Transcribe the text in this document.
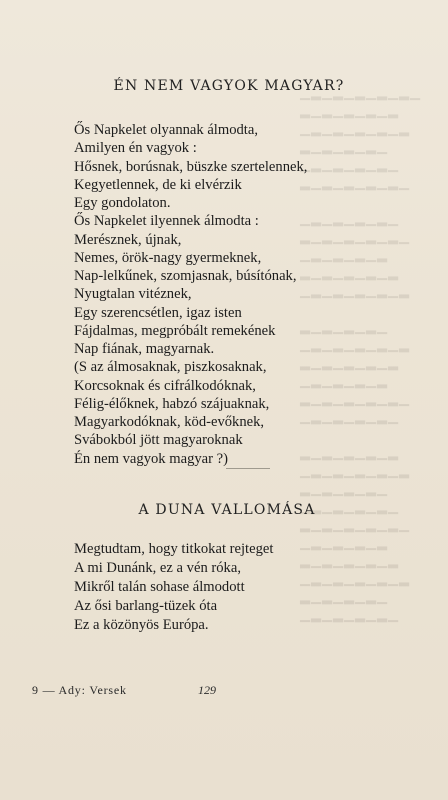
▁▂▁▂▁▂▁▂▁▂▁
▂▁▂▁▂▁▂▁▂
▁▂▁▂▁▂▁▂▁▂
▂▁▂▁▂▁▂▁
▁▂▁▂▁▂▁▂▁
▂▁▂▁▂▁▂▁▂▁

▁▂▁▂▁▂▁▂▁
▂▁▂▁▂▁▂▁▂▁
▁▂▁▂▁▂▁▂
▂▁▂▁▂▁▂▁▂
▁▂▁▂▁▂▁▂▁▂

▂▁▂▁▂▁▂▁
▁▂▁▂▁▂▁▂▁▂
▂▁▂▁▂▁▂▁▂
▁▂▁▂▁▂▁▂
▂▁▂▁▂▁▂▁▂▁
▁▂▁▂▁▂▁▂▁

▂▁▂▁▂▁▂▁▂
▁▂▁▂▁▂▁▂▁▂
▂▁▂▁▂▁▂▁
▁▂▁▂▁▂▁▂▁
▂▁▂▁▂▁▂▁▂▁
▁▂▁▂▁▂▁▂
▂▁▂▁▂▁▂▁▂
▁▂▁▂▁▂▁▂▁▂
▂▁▂▁▂▁▂▁
▁▂▁▂▁▂▁▂▁
ÉN NEM VAGYOK MAGYAR?
Ős Napkelet olyannak álmodta,
Amilyen én vagyok :
Hősnek, borúsnak, büszke szertelennek,
Kegyetlennek, de ki elvérzik
Egy gondolaton.
Ős Napkelet ilyennek álmodta :
Merésznek, újnak,
Nemes, örök-nagy gyermeknek,
Nap-lelkűnek, szomjasnak, búsítónak,
Nyugtalan vitéznek,
Egy szerencsétlen, igaz isten
Fájdalmas, megpróbált remekének
Nap fiának, magyarnak.
(S az álmosaknak, piszkosaknak,
Korcsoknak és cifrálkodóknak,
Félig-élőknek, habzó szájuaknak,
Magyarkodóknak, köd-evőknek,
Svábokból jött magyaroknak
Én nem vagyok magyar ?)
A DUNA VALLOMÁSA
Megtudtam, hogy titkokat rejteget
A mi Dunánk, ez a vén róka,
Mikről talán sohase álmodott
Az ősi barlang-tüzek óta
Ez a közönyös Európa.
9 — Ady: Versek	129
